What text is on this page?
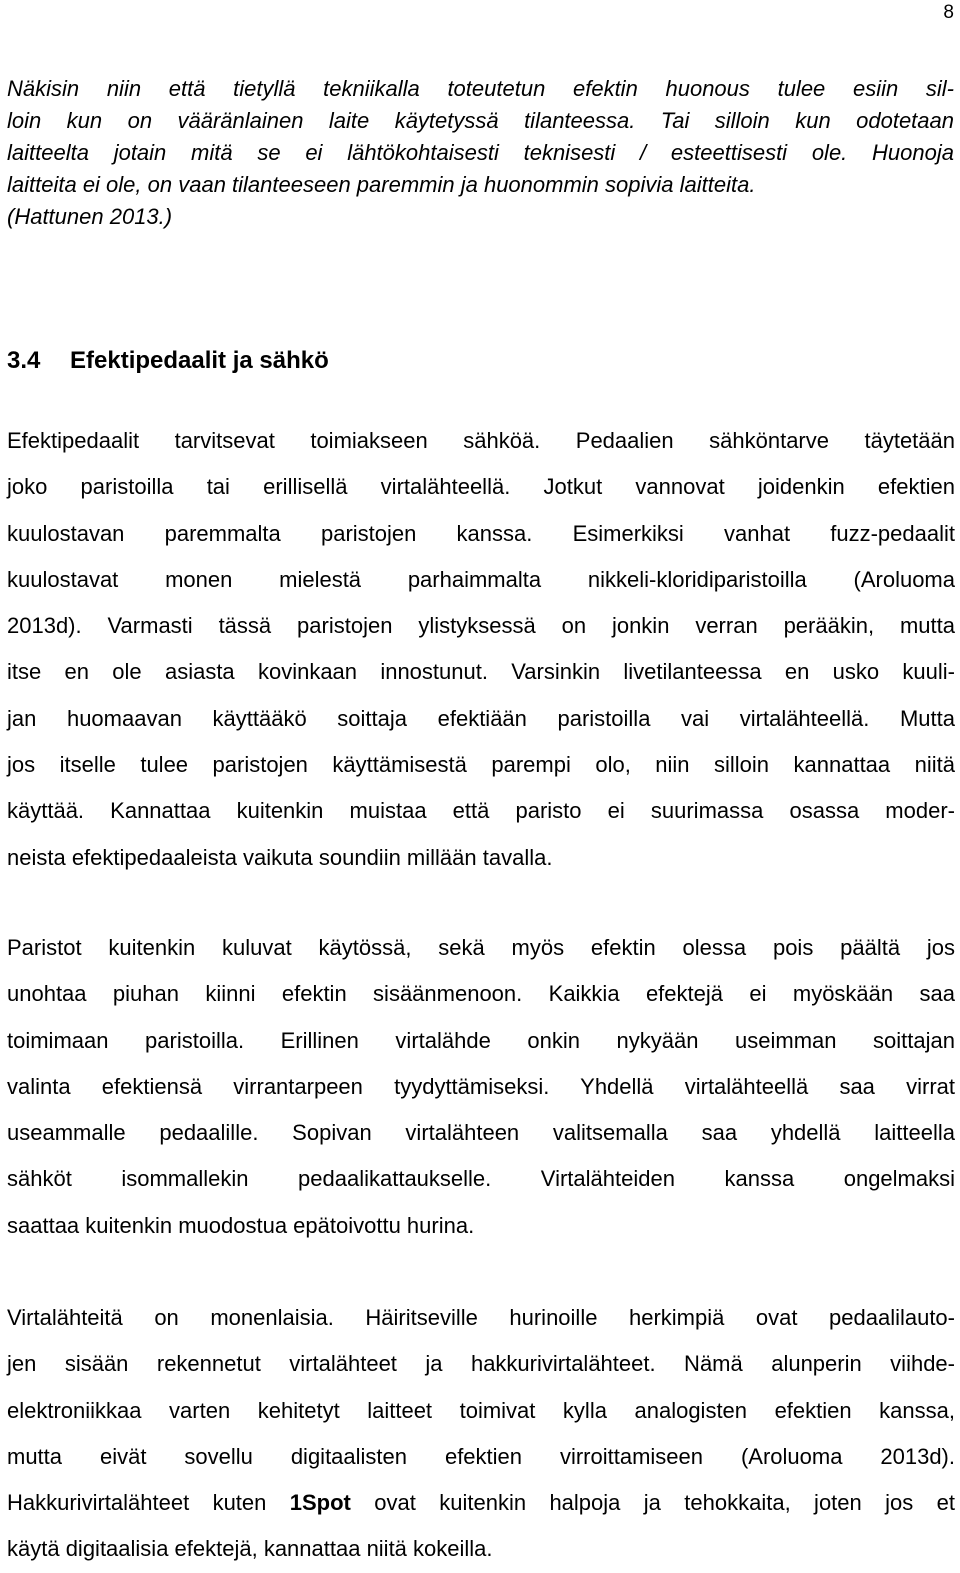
8
Näkisin niin että tietyllä tekniikalla toteutetun efektin huonous tulee esiin sil-
loin kun on vääränlainen laite käytetyssä tilanteessa. Tai silloin kun odotetaan
laitteelta jotain mitä se ei lähtökohtaisesti teknisesti / esteettisesti ole. Huonoja
laitteita ei ole, on vaan tilanteeseen paremmin ja huonommin sopivia laitteita.
(Hattunen 2013.)
3.4 Efektipedaalit ja sähkö
Efektipedaalit tarvitsevat toimiakseen sähköä. Pedaalien sähköntarve täytetään
joko paristoilla tai erillisellä virtalähteellä. Jotkut vannovat joidenkin efektien
kuulostavan paremmalta paristojen kanssa. Esimerkiksi vanhat fuzz-pedaalit
kuulostavat monen mielestä parhaimmalta nikkeli-kloridiparistoilla (Aroluoma
2013d). Varmasti tässä paristojen ylistyksessä on jonkin verran perääkin, mutta
itse en ole asiasta kovinkaan innostunut. Varsinkin livetilanteessa en usko kuuli-
jan huomaavan käyttääkö soittaja efektiään paristoilla vai virtalähteellä. Mutta
jos itselle tulee paristojen käyttämisestä parempi olo, niin silloin kannattaa niitä
käyttää. Kannattaa kuitenkin muistaa että paristo ei suurimassa osassa moder-
neista efektipedaaleista vaikuta soundiin millään tavalla.
Paristot kuitenkin kuluvat käytössä, sekä myös efektin olessa pois päältä jos
unohtaa piuhan kiinni efektin sisäänmenoon. Kaikkia efektejä ei myöskään saa
toimimaan paristoilla. Erillinen virtalähde onkin nykyään useimman soittajan
valinta efektiensä virrantarpeen tyydyttämiseksi. Yhdellä virtalähteellä saa virrat
useammalle pedaalille. Sopivan virtalähteen valitsemalla saa yhdellä laitteella
sähköt isommallekin pedaalikattaukselle. Virtalähteiden kanssa ongelmaksi
saattaa kuitenkin muodostua epätoivottu hurina.
Virtalähteitä on monenlaisia. Häiritseville hurinoille herkimpiä ovat pedaalilauto-
jen sisään rekennetut virtalähteet ja hakkurivirtalähteet. Nämä alunperin viihde-
elektroniikkaa varten kehitetyt laitteet toimivat kylla analogisten efektien kanssa,
mutta eivät sovellu digitaalisten efektien virroittamiseen (Aroluoma 2013d).
Hakkurivirtalähteet kuten 1Spot ovat kuitenkin halpoja ja tehokkaita, joten jos et
käytä digitaalisia efektejä, kannattaa niitä kokeilla.
